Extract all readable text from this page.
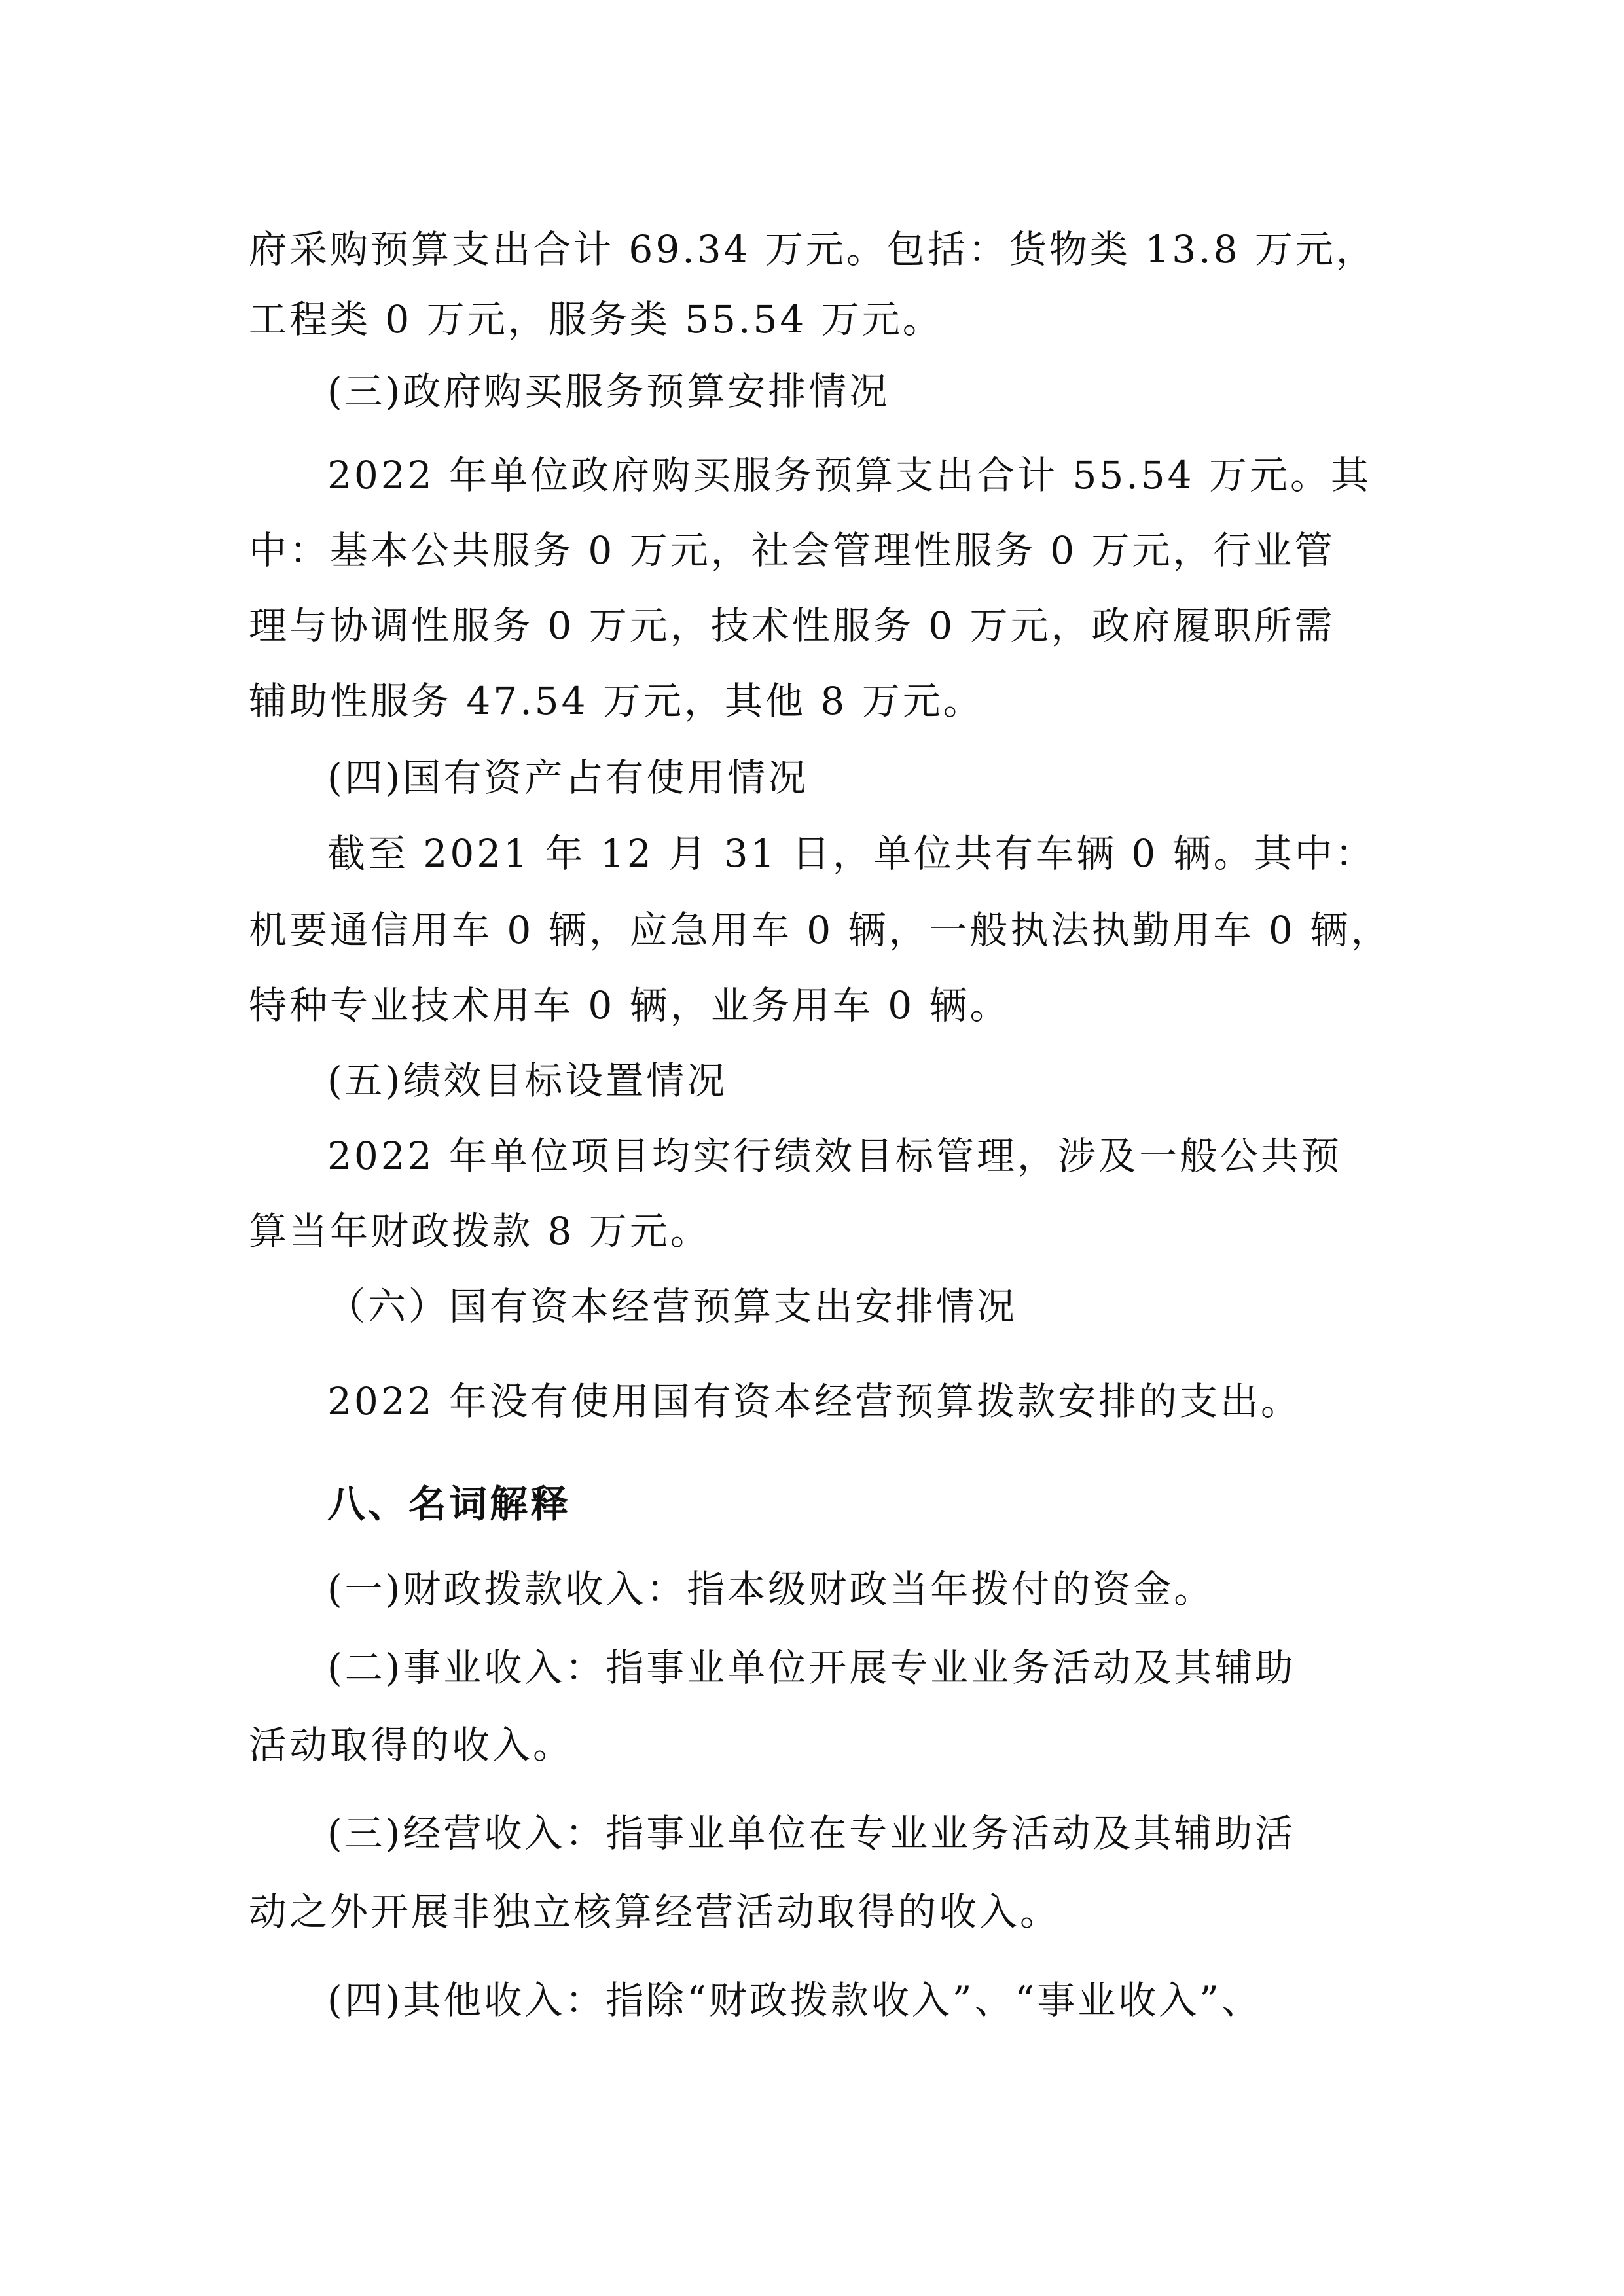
府采购预算支出合计 69.34 万元。包括：货物类 13.8 万元，
工程类 0 万元，服务类 55.54 万元。
(三)政府购买服务预算安排情况
2022 年单位政府购买服务预算支出合计 55.54 万元。其
中：基本公共服务 0 万元，社会管理性服务 0 万元，行业管
理与协调性服务 0 万元，技术性服务 0 万元，政府履职所需
辅助性服务 47.54 万元，其他 8 万元。
(四)国有资产占有使用情况
截至 2021 年 12 月 31 日，单位共有车辆 0 辆。其中：
机要通信用车 0 辆，应急用车 0 辆，一般执法执勤用车 0 辆，
特种专业技术用车 0 辆，业务用车 0 辆。
(五)绩效目标设置情况
2022 年单位项目均实行绩效目标管理，涉及一般公共预
算当年财政拨款 8 万元。
（六）国有资本经营预算支出安排情况
2022 年没有使用国有资本经营预算拨款安排的支出。
八、名词解释
(一)财政拨款收入：指本级财政当年拨付的资金。
(二)事业收入：指事业单位开展专业业务活动及其辅助
活动取得的收入。
(三)经营收入：指事业单位在专业业务活动及其辅助活
动之外开展非独立核算经营活动取得的收入。
(四)其他收入：指除“财政拨款收入”、“事业收入”、
